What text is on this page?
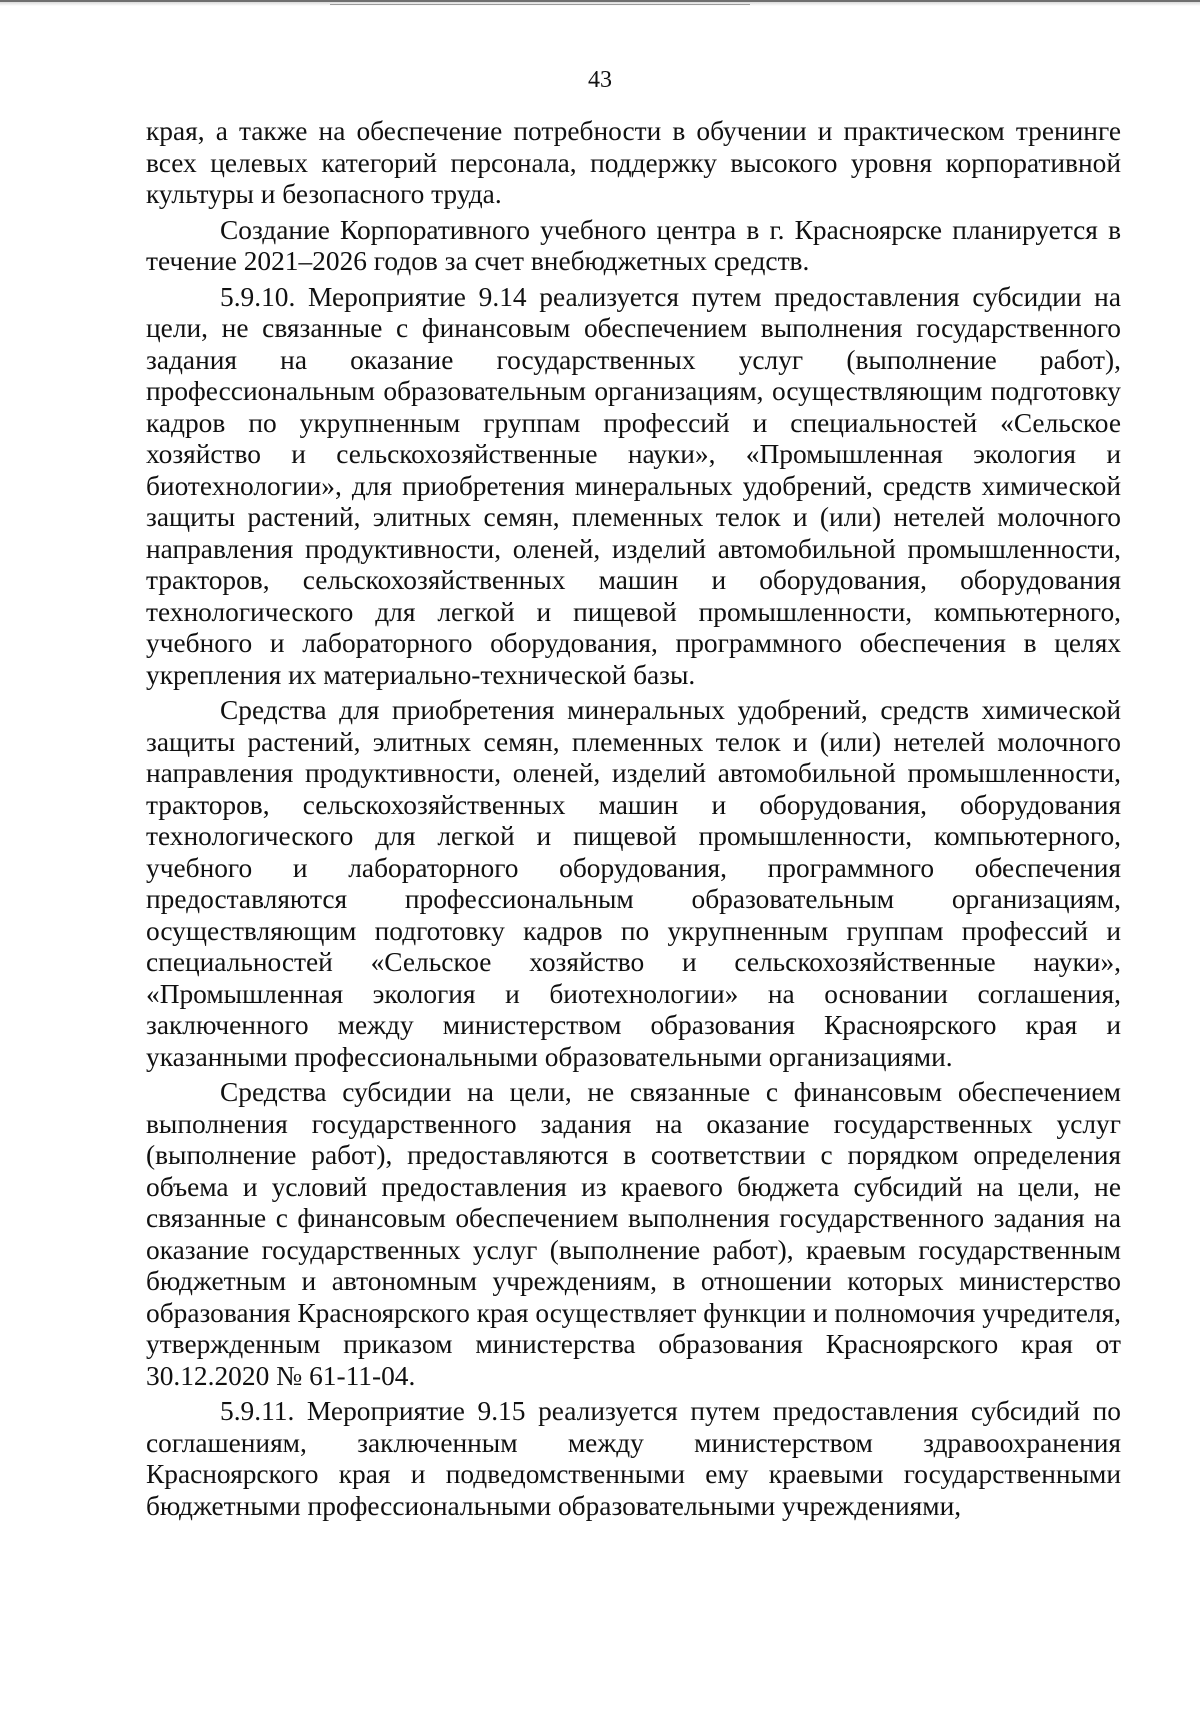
43

края, а также на обеспечение потребности в обучении и практическом тренинге всех целевых категорий персонала, поддержку высокого уровня корпоративной культуры и безопасного труда.

Создание Корпоративного учебного центра в г. Красноярске планируется в течение 2021–2026 годов за счет внебюджетных средств.

5.9.10. Мероприятие 9.14 реализуется путем предоставления субсидии на цели, не связанные с финансовым обеспечением выполнения государственного задания на оказание государственных услуг (выполнение работ), профессиональным образовательным организациям, осуществляющим подготовку кадров по укрупненным группам профессий и специальностей «Сельское хозяйство и сельскохозяйственные науки», «Промышленная экология и биотехнологии», для приобретения минеральных удобрений, средств химической защиты растений, элитных семян, племенных телок и (или) нетелей молочного направления продуктивности, оленей, изделий автомобильной промышленности, тракторов, сельскохозяйственных машин и оборудования, оборудования технологического для легкой и пищевой промышленности, компьютерного, учебного и лабораторного оборудования, программного обеспечения в целях укрепления их материально-технической базы.

Средства для приобретения минеральных удобрений, средств химической защиты растений, элитных семян, племенных телок и (или) нетелей молочного направления продуктивности, оленей, изделий автомобильной промышленности, тракторов, сельскохозяйственных машин и оборудования, оборудования технологического для легкой и пищевой промышленности, компьютерного, учебного и лабораторного оборудования, программного обеспечения предоставляются профессиональным образовательным организациям, осуществляющим подготовку кадров по укрупненным группам профессий и специальностей «Сельское хозяйство и сельскохозяйственные науки», «Промышленная экология и биотехнологии» на основании соглашения, заключенного между министерством образования Красноярского края и указанными профессиональными образовательными организациями.

Средства субсидии на цели, не связанные с финансовым обеспечением выполнения государственного задания на оказание государственных услуг (выполнение работ), предоставляются в соответствии с порядком определения объема и условий предоставления из краевого бюджета субсидий на цели, не связанные с финансовым обеспечением выполнения государственного задания на оказание государственных услуг (выполнение работ), краевым государственным бюджетным и автономным учреждениям, в отношении которых министерство образования Красноярского края осуществляет функции и полномочия учредителя, утвержденным приказом министерства образования Красноярского края от 30.12.2020 № 61-11-04.

5.9.11. Мероприятие 9.15 реализуется путем предоставления субсидий по соглашениям, заключенным между министерством здравоохранения Красноярского края и подведомственными ему краевыми государственными бюджетными профессиональными образовательными учреждениями,
